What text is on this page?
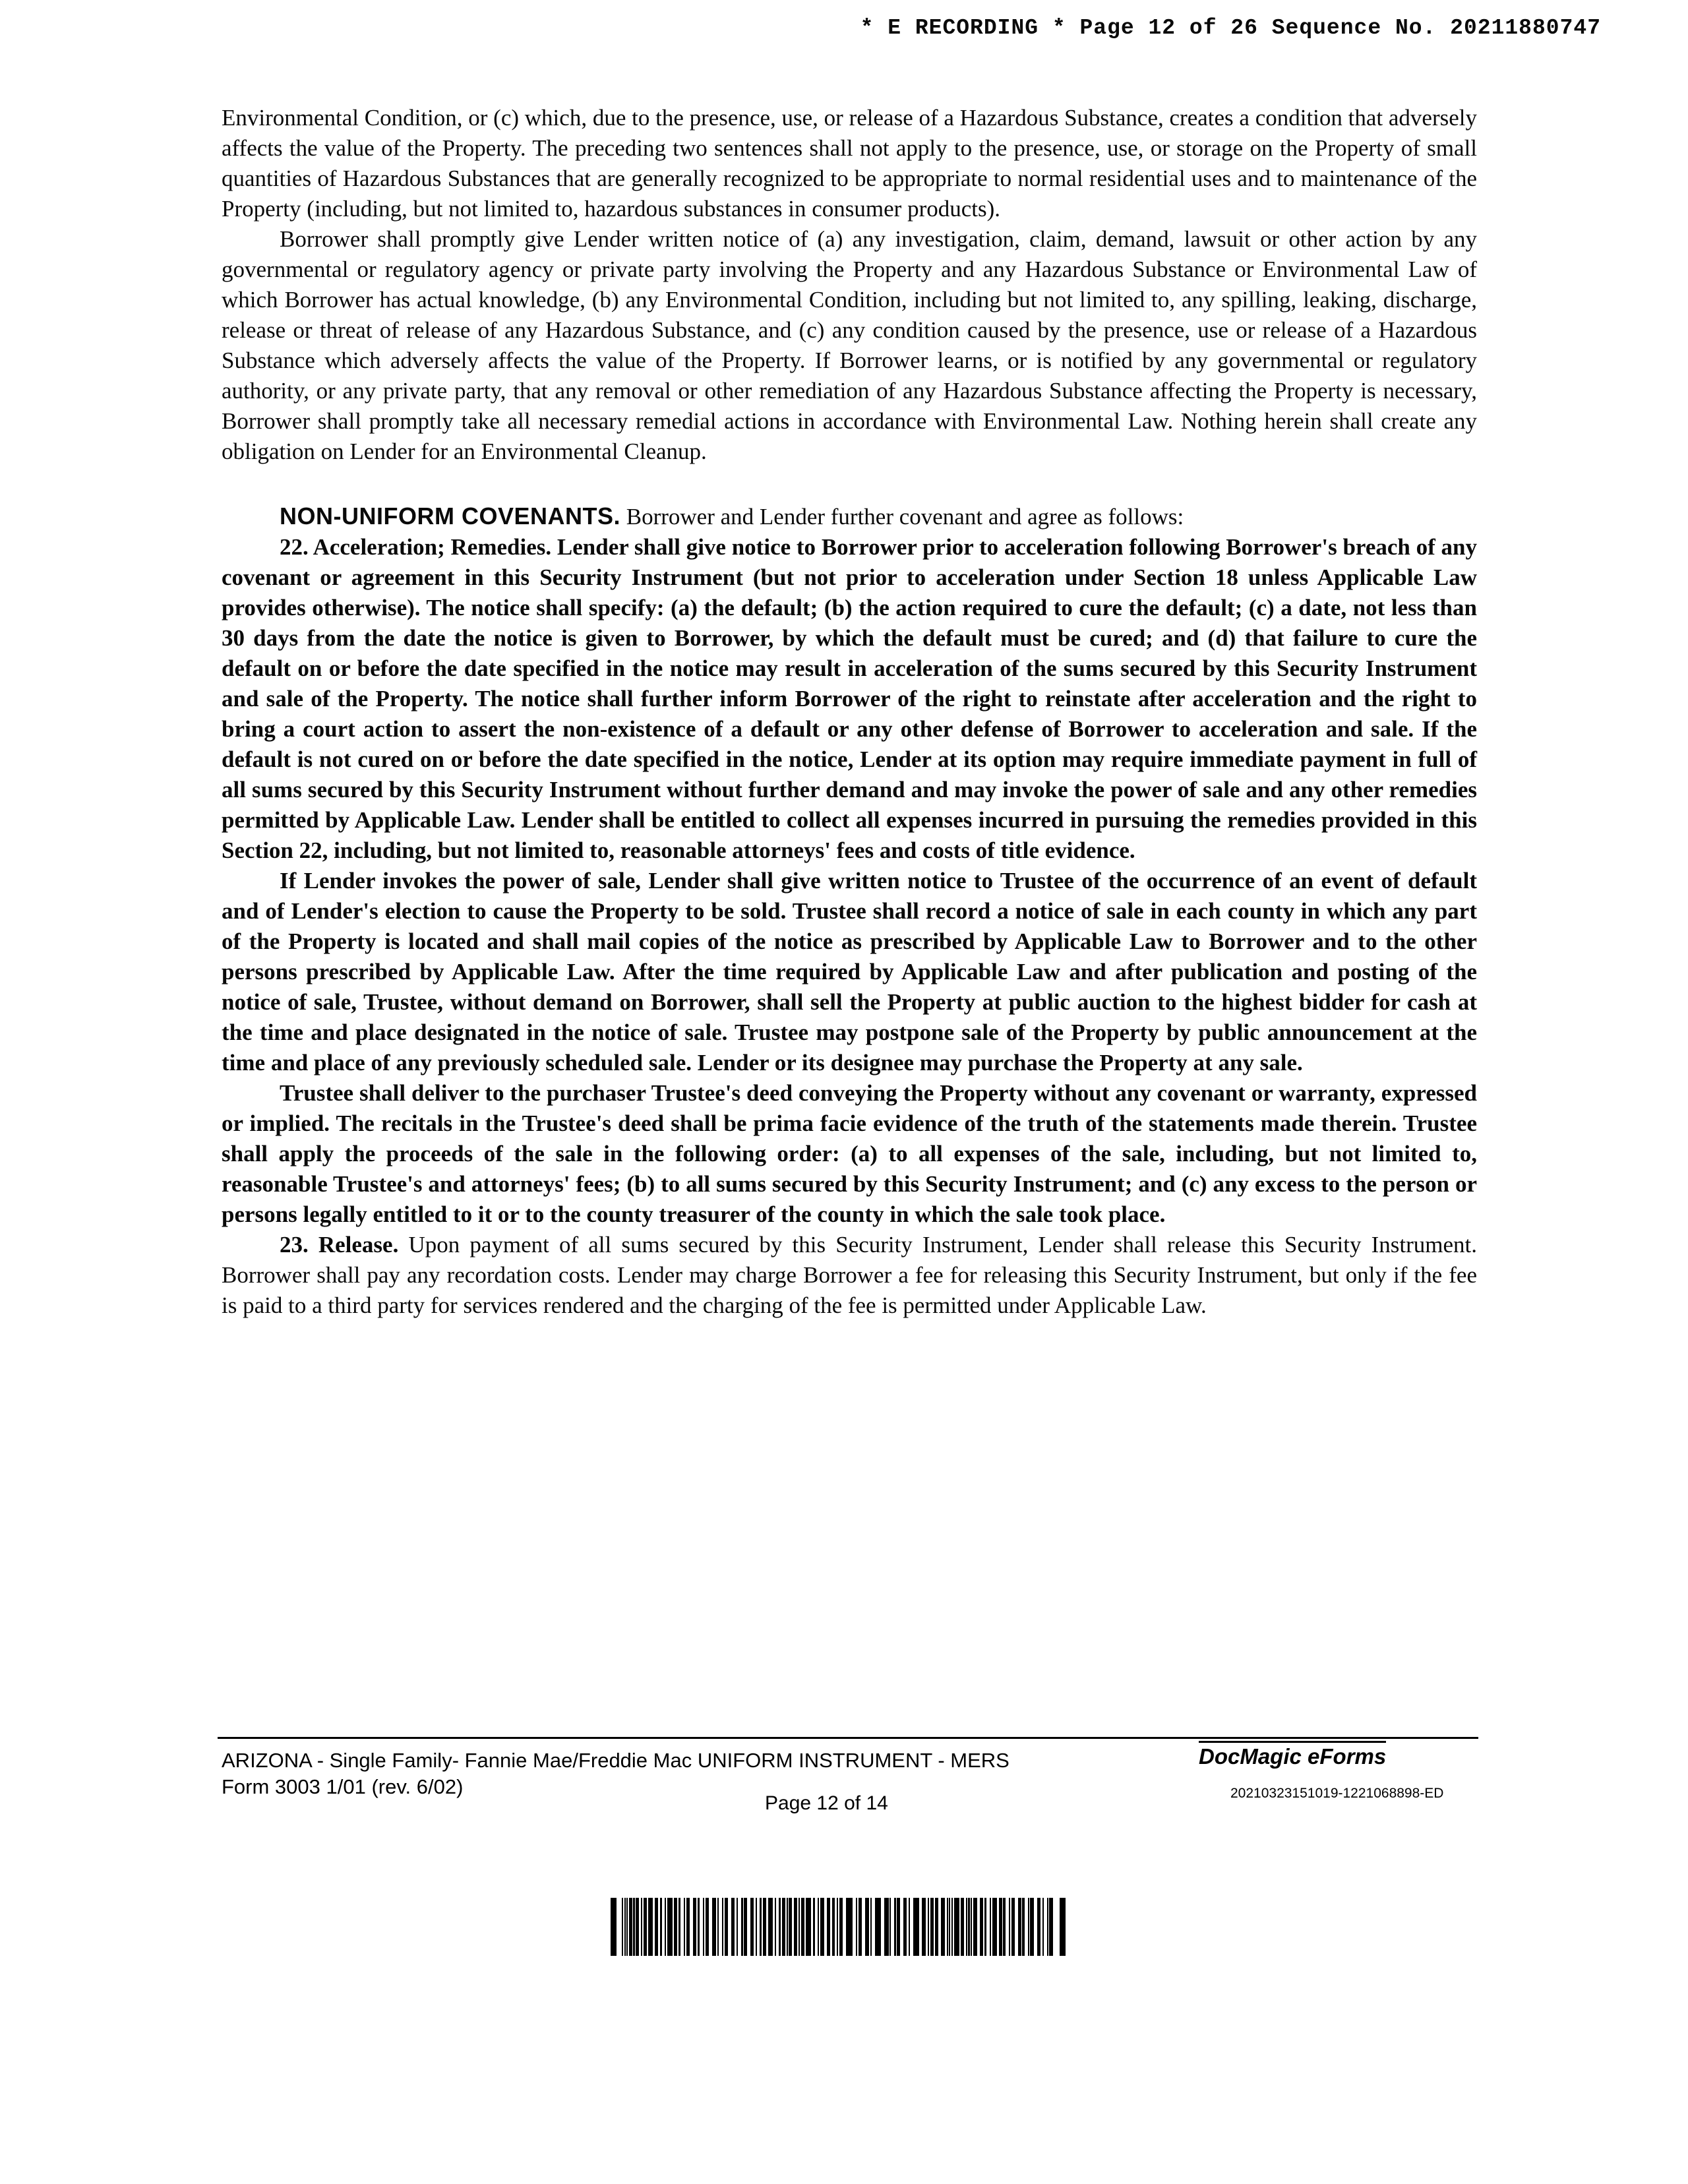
* E RECORDING * Page 12 of 26 Sequence No. 20211880747

Environmental Condition, or (c) which, due to the presence, use, or release of a Hazardous Substance, creates a condition that adversely affects the value of the Property. The preceding two sentences shall not apply to the presence, use, or storage on the Property of small quantities of Hazardous Substances that are generally recognized to be appropriate to normal residential uses and to maintenance of the Property (including, but not limited to, hazardous substances in consumer products).

Borrower shall promptly give Lender written notice of (a) any investigation, claim, demand, lawsuit or other action by any governmental or regulatory agency or private party involving the Property and any Hazardous Substance or Environmental Law of which Borrower has actual knowledge, (b) any Environmental Condition, including but not limited to, any spilling, leaking, discharge, release or threat of release of any Hazardous Substance, and (c) any condition caused by the presence, use or release of a Hazardous Substance which adversely affects the value of the Property. If Borrower learns, or is notified by any governmental or regulatory authority, or any private party, that any removal or other remediation of any Hazardous Substance affecting the Property is necessary, Borrower shall promptly take all necessary remedial actions in accordance with Environmental Law. Nothing herein shall create any obligation on Lender for an Environmental Cleanup.

NON-UNIFORM COVENANTS. Borrower and Lender further covenant and agree as follows:

22. Acceleration; Remedies. Lender shall give notice to Borrower prior to acceleration following Borrower's breach of any covenant or agreement in this Security Instrument (but not prior to acceleration under Section 18 unless Applicable Law provides otherwise). The notice shall specify: (a) the default; (b) the action required to cure the default; (c) a date, not less than 30 days from the date the notice is given to Borrower, by which the default must be cured; and (d) that failure to cure the default on or before the date specified in the notice may result in acceleration of the sums secured by this Security Instrument and sale of the Property. The notice shall further inform Borrower of the right to reinstate after acceleration and the right to bring a court action to assert the non-existence of a default or any other defense of Borrower to acceleration and sale. If the default is not cured on or before the date specified in the notice, Lender at its option may require immediate payment in full of all sums secured by this Security Instrument without further demand and may invoke the power of sale and any other remedies permitted by Applicable Law. Lender shall be entitled to collect all expenses incurred in pursuing the remedies provided in this Section 22, including, but not limited to, reasonable attorneys' fees and costs of title evidence.

If Lender invokes the power of sale, Lender shall give written notice to Trustee of the occurrence of an event of default and of Lender's election to cause the Property to be sold. Trustee shall record a notice of sale in each county in which any part of the Property is located and shall mail copies of the notice as prescribed by Applicable Law to Borrower and to the other persons prescribed by Applicable Law. After the time required by Applicable Law and after publication and posting of the notice of sale, Trustee, without demand on Borrower, shall sell the Property at public auction to the highest bidder for cash at the time and place designated in the notice of sale. Trustee may postpone sale of the Property by public announcement at the time and place of any previously scheduled sale. Lender or its designee may purchase the Property at any sale.

Trustee shall deliver to the purchaser Trustee's deed conveying the Property without any covenant or warranty, expressed or implied. The recitals in the Trustee's deed shall be prima facie evidence of the truth of the statements made therein. Trustee shall apply the proceeds of the sale in the following order: (a) to all expenses of the sale, including, but not limited to, reasonable Trustee's and attorneys' fees; (b) to all sums secured by this Security Instrument; and (c) any excess to the person or persons legally entitled to it or to the county treasurer of the county in which the sale took place.

23. Release. Upon payment of all sums secured by this Security Instrument, Lender shall release this Security Instrument. Borrower shall pay any recordation costs. Lender may charge Borrower a fee for releasing this Security Instrument, but only if the fee is paid to a third party for services rendered and the charging of the fee is permitted under Applicable Law.

ARIZONA - Single Family- Fannie Mae/Freddie Mac UNIFORM INSTRUMENT - MERS
Form 3003 1/01 (rev. 6/02)
DocMagic eForms
20210323151019-1221068898-ED
Page 12 of 14
